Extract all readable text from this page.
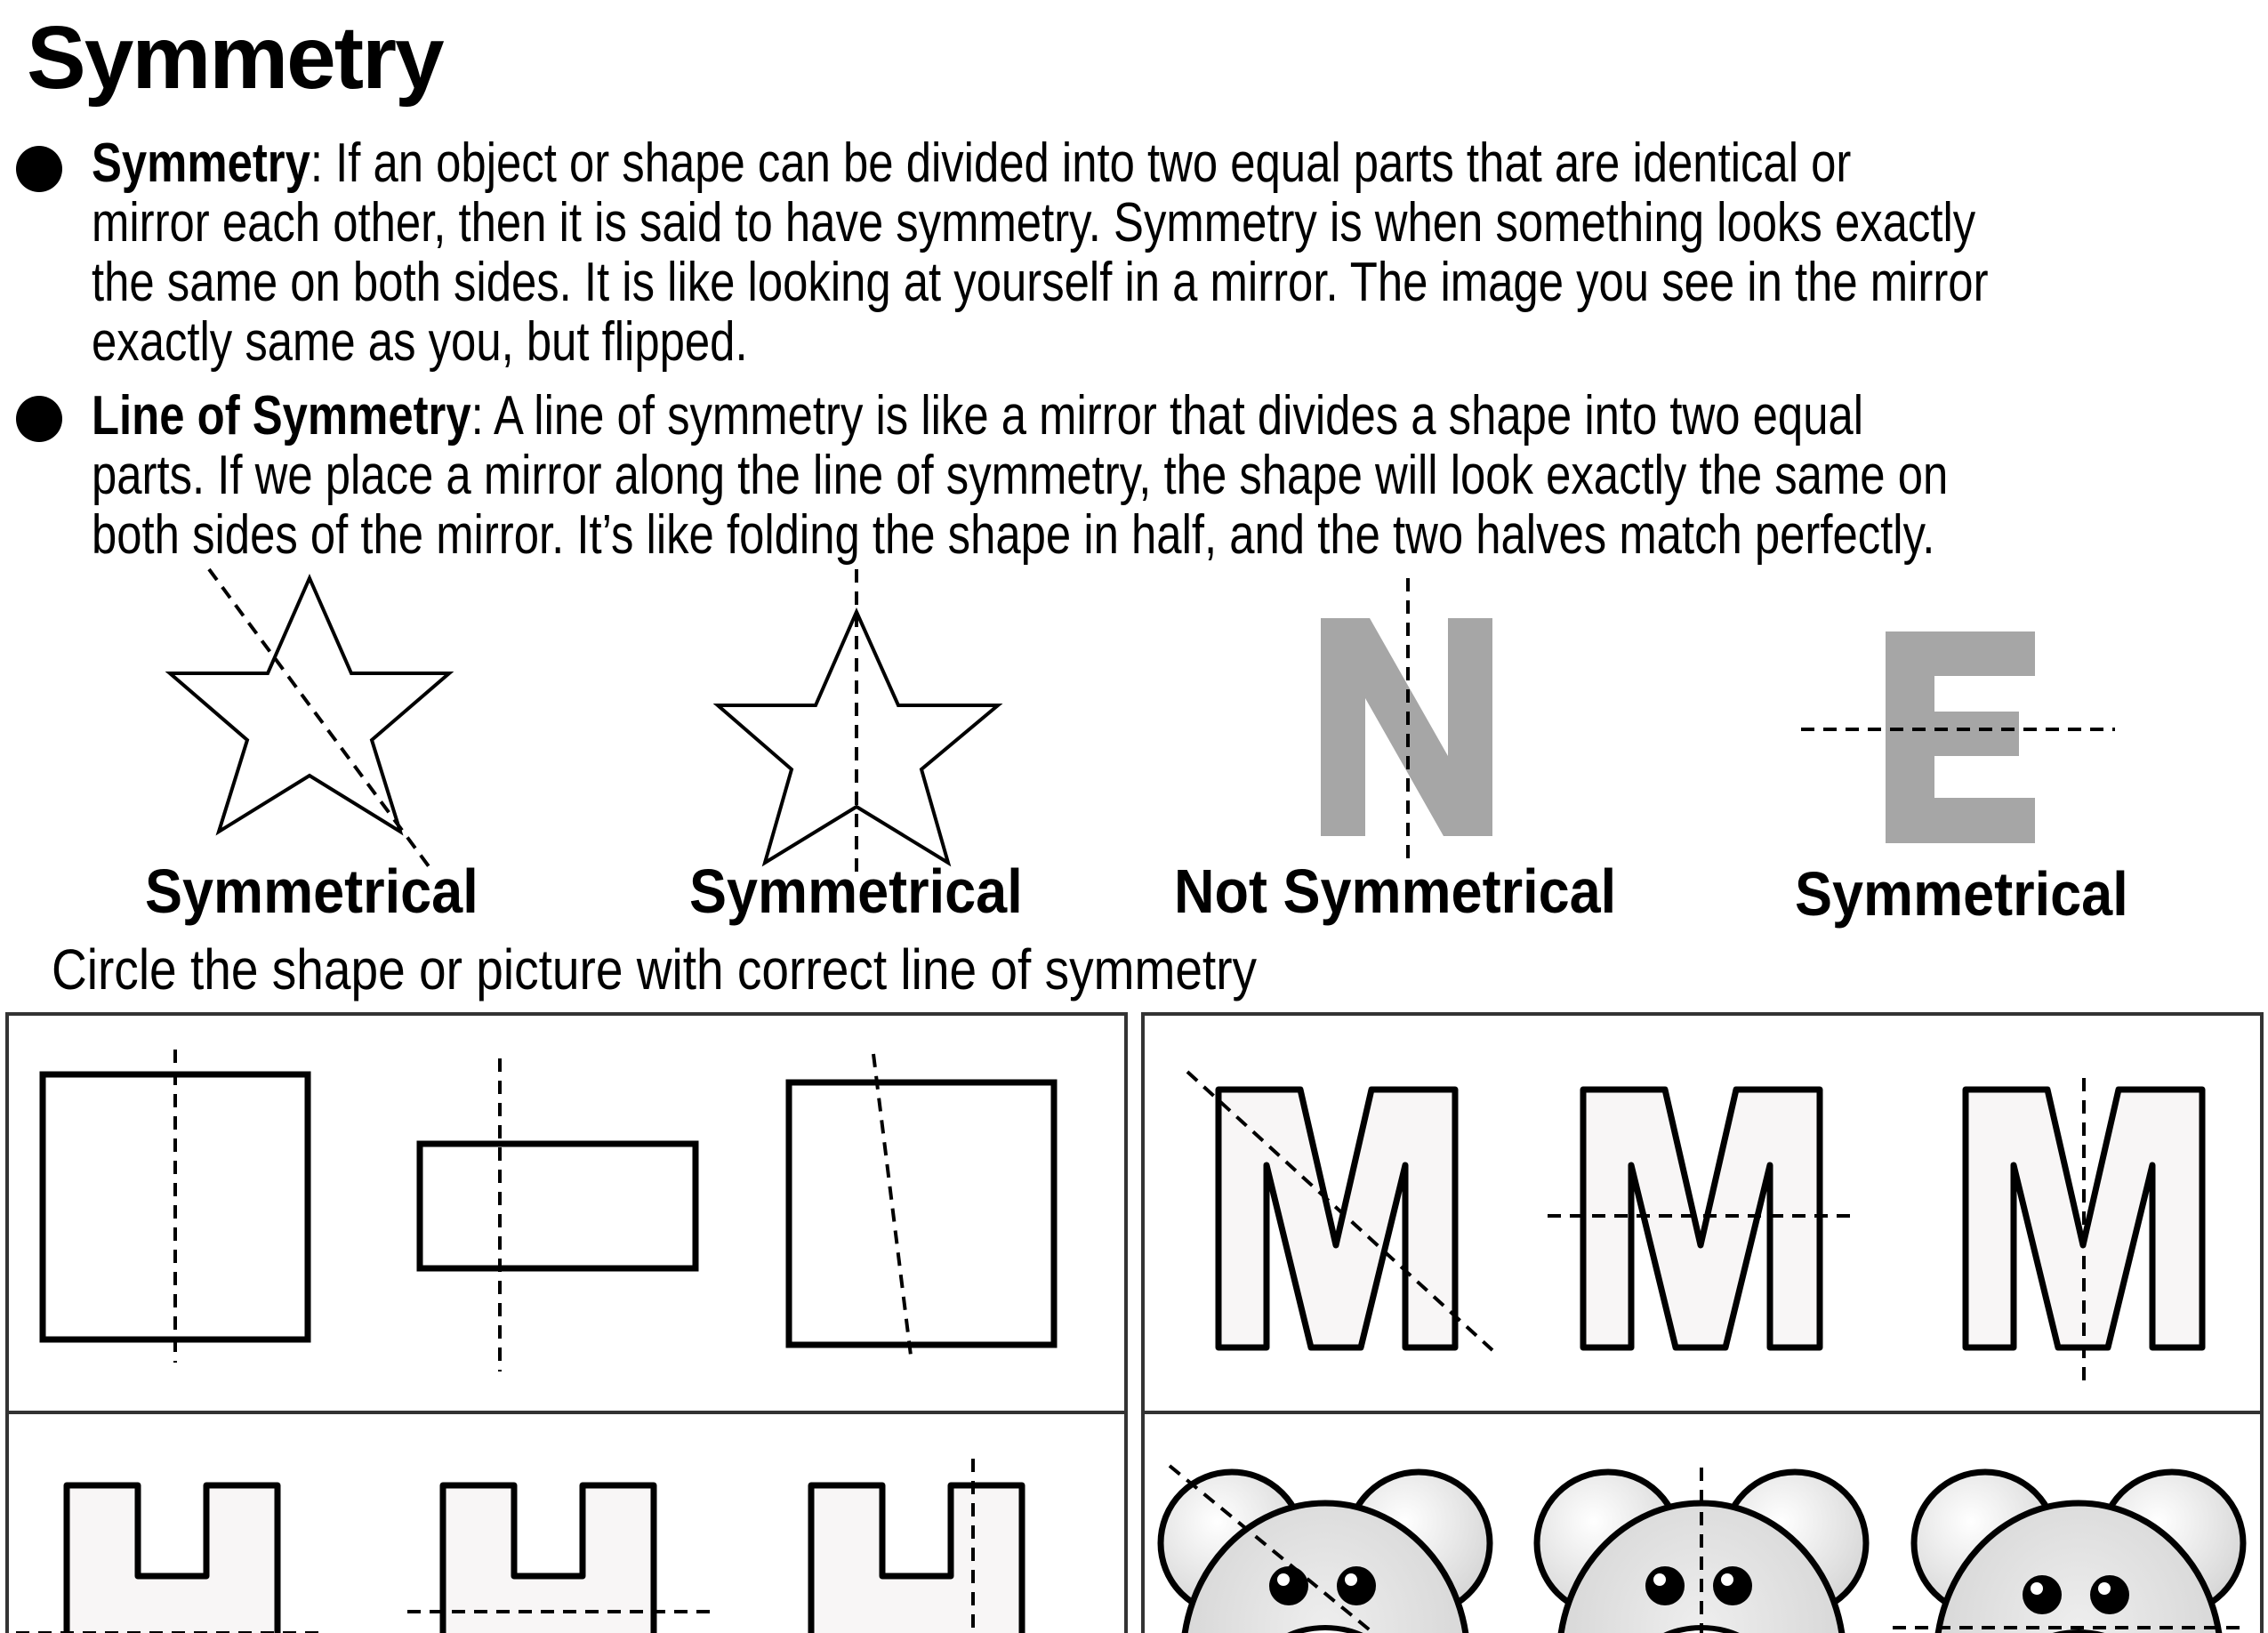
Symmetry
Symmetry: If an object or shape can be divided into two equal parts that are identical or
mirror each other, then it is said to have symmetry. Symmetry is when something looks exactly
the same on both sides. It is like looking at yourself in a mirror. The image you see in the mirror
exactly same as you, but flipped.
Line of Symmetry: A line of symmetry is like a mirror that divides a shape into two equal
parts. If we place a mirror along the line of symmetry, the shape will look exactly the same on
both sides of the mirror. It’s like folding the shape in half, and the two halves match perfectly.
Symmetrical	Symmetrical Not Symmetrical	Symmetrical
Circle the shape or picture with correct line of symmetry
